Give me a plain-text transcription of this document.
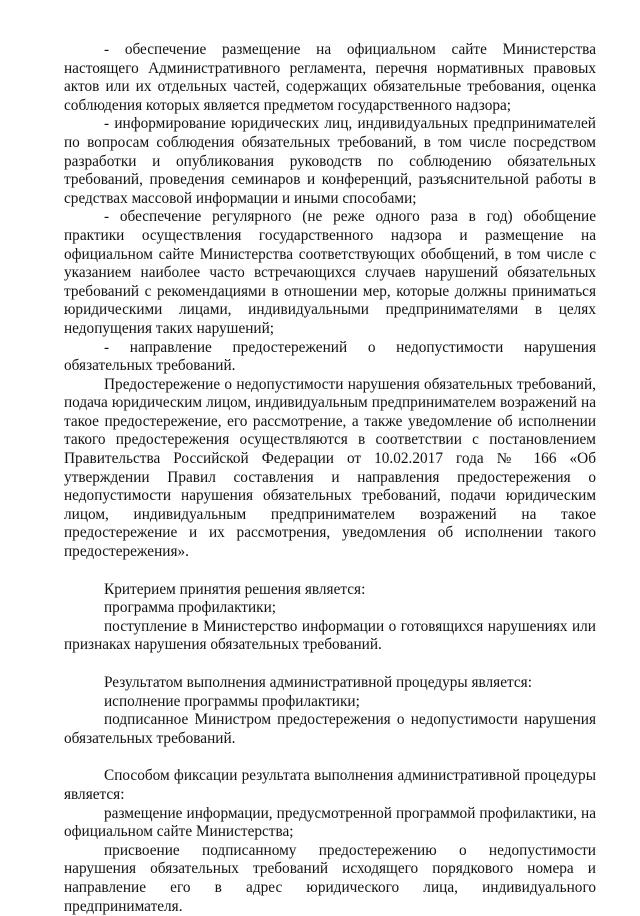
- обеспечение размещение на официальном сайте Министерства настоящего Административного регламента, перечня нормативных правовых актов или их отдельных частей, содержащих обязательные требования, оценка соблюдения которых является предметом государственного надзора;

- информирование юридических лиц, индивидуальных предпринимателей по вопросам соблюдения обязательных требований, в том числе посредством разработки и опубликования руководств по соблюдению обязательных требований, проведения семинаров и конференций, разъяснительной работы в средствах массовой информации и иными способами;

- обеспечение регулярного (не реже одного раза в год) обобщение практики осуществления государственного надзора и размещение на официальном сайте Министерства соответствующих обобщений, в том числе с указанием наиболее часто встречающихся случаев нарушений обязательных требований с рекомендациями в отношении мер, которые должны приниматься юридическими лицами, индивидуальными предпринимателями в целях недопущения таких нарушений;

- направление предостережений о недопустимости нарушения обязательных требований.

Предостережение о недопустимости нарушения обязательных требований, подача юридическим лицом, индивидуальным предпринимателем возражений на такое предостережение, его рассмотрение, а также уведомление об исполнении такого предостережения осуществляются в соответствии с постановлением Правительства Российской Федерации от 10.02.2017 года № 166 «Об утверждении Правил составления и направления предостережения о недопустимости нарушения обязательных требований, подачи юридическим лицом, индивидуальным предпринимателем возражений на такое предостережение и их рассмотрения, уведомления об исполнении такого предостережения».

Критерием принятия решения является:

программа профилактики;

поступление в Министерство информации о готовящихся нарушениях или признаках нарушения обязательных требований.

Результатом выполнения административной процедуры является:

исполнение программы профилактики;

подписанное Министром предостережения о недопустимости нарушения обязательных требований.

Способом фиксации результата выполнения административной процедуры является:

размещение информации, предусмотренной программой профилактики, на официальном сайте Министерства;

присвоение подписанному предостережению о недопустимости нарушения обязательных требований исходящего порядкового номера и направление его в адрес юридического лица, индивидуального предпринимателя.
